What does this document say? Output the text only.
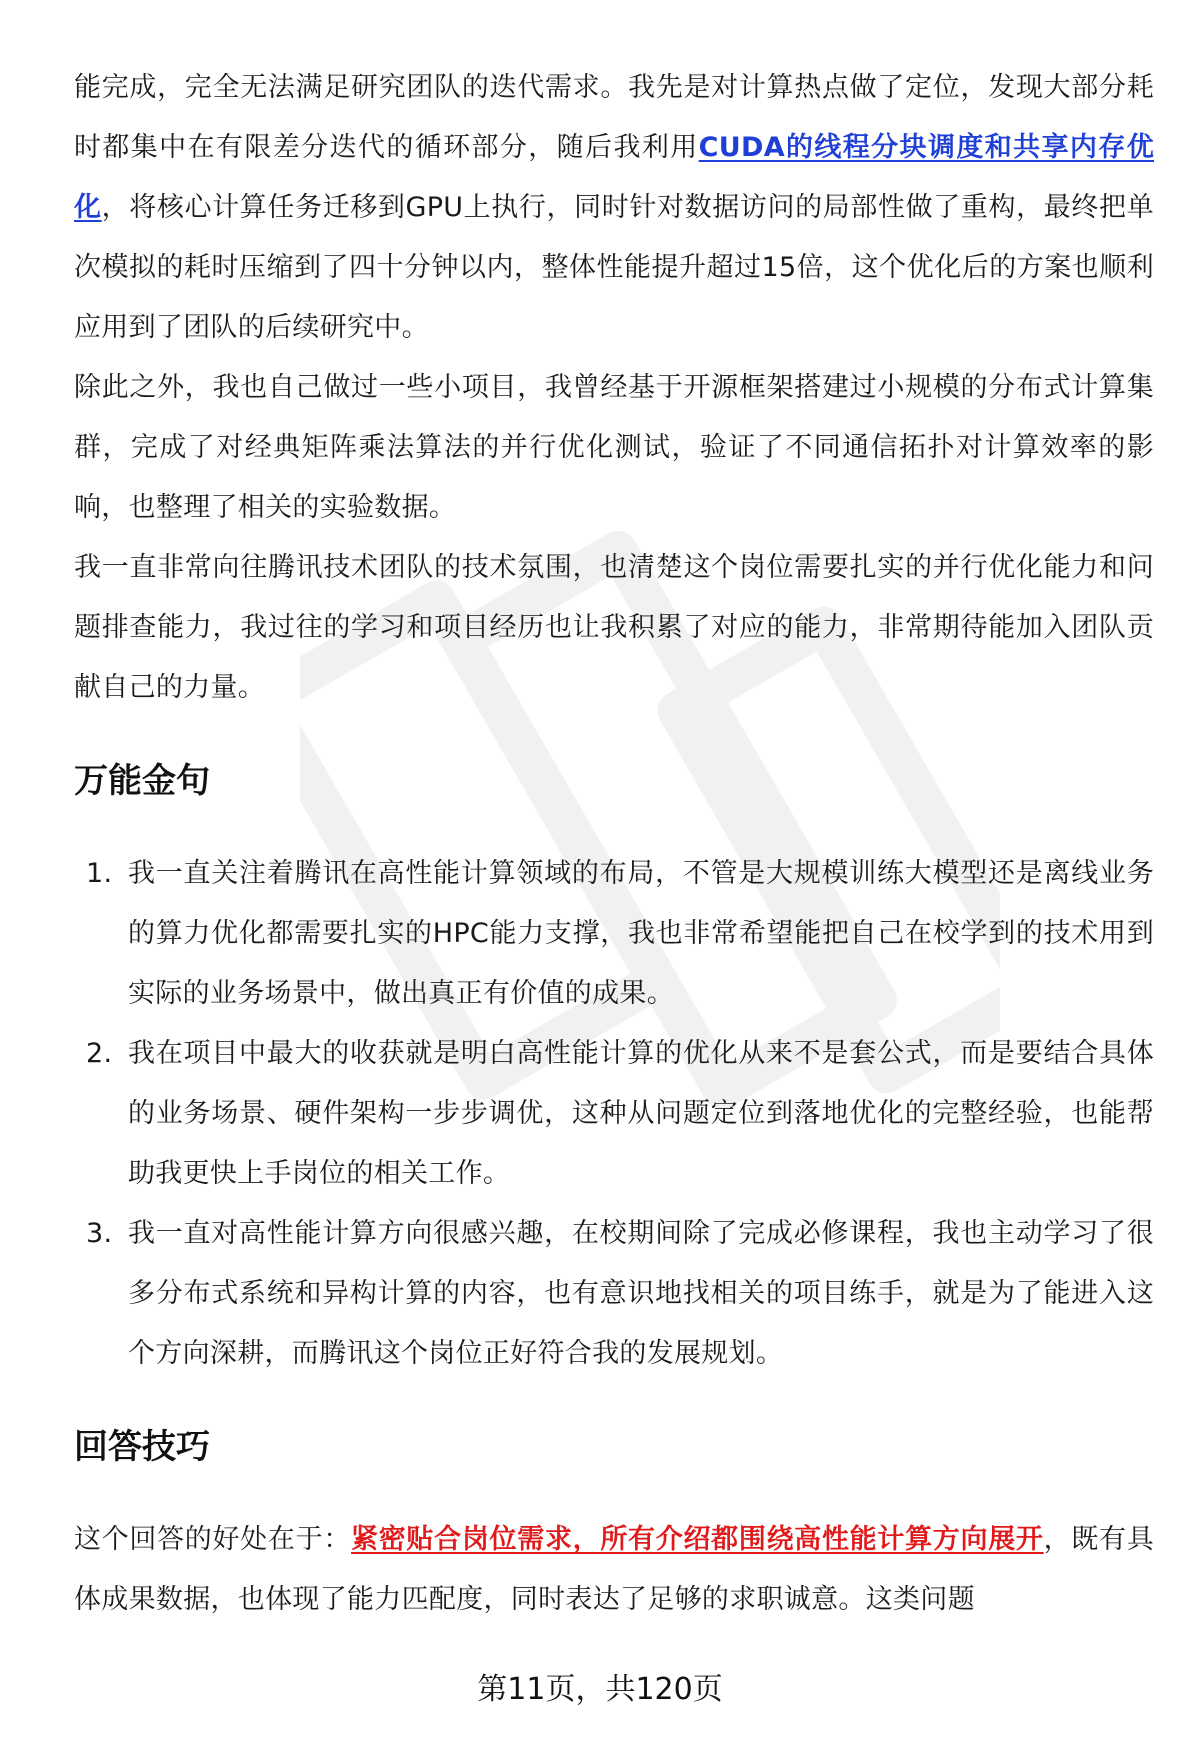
能完成，完全无法满足研究团队的迭代需求。我先是对计算热点做了定位，发现大部分耗时都集中在有限差分迭代的循环部分，随后我利用CUDA的线程分块调度和共享内存优化，将核心计算任务迁移到GPU上执行，同时针对数据访问的局部性做了重构，最终把单次模拟的耗时压缩到了四十分钟以内，整体性能提升超过15倍，这个优化后的方案也顺利应用到了团队的后续研究中。

除此之外，我也自己做过一些小项目，我曾经基于开源框架搭建过小规模的分布式计算集群，完成了对经典矩阵乘法算法的并行优化测试，验证了不同通信拓扑对计算效率的影响，也整理了相关的实验数据。

我一直非常向往腾讯技术团队的技术氛围，也清楚这个岗位需要扎实的并行优化能力和问题排查能力，我过往的学习和项目经历也让我积累了对应的能力，非常期待能加入团队贡献自己的力量。

万能金句
1. 我一直关注着腾讯在高性能计算领域的布局，不管是大规模训练大模型还是离线业务的算力优化都需要扎实的HPC能力支撑，我也非常希望能把自己在校学到的技术用到实际的业务场景中，做出真正有价值的成果。
2. 我在项目中最大的收获就是明白高性能计算的优化从来不是套公式，而是要结合具体的业务场景、硬件架构一步步调优，这种从问题定位到落地优化的完整经验，也能帮助我更快上手岗位的相关工作。
3. 我一直对高性能计算方向很感兴趣，在校期间除了完成必修课程，我也主动学习了很多分布式系统和异构计算的内容，也有意识地找相关的项目练手，就是为了能进入这个方向深耕，而腾讯这个岗位正好符合我的发展规划。
回答技巧

这个回答的好处在于：紧密贴合岗位需求，所有介绍都围绕高性能计算方向展开，既有具体成果数据，也体现了能力匹配度，同时表达了足够的求职诚意。这类问题

第11页，共120页
